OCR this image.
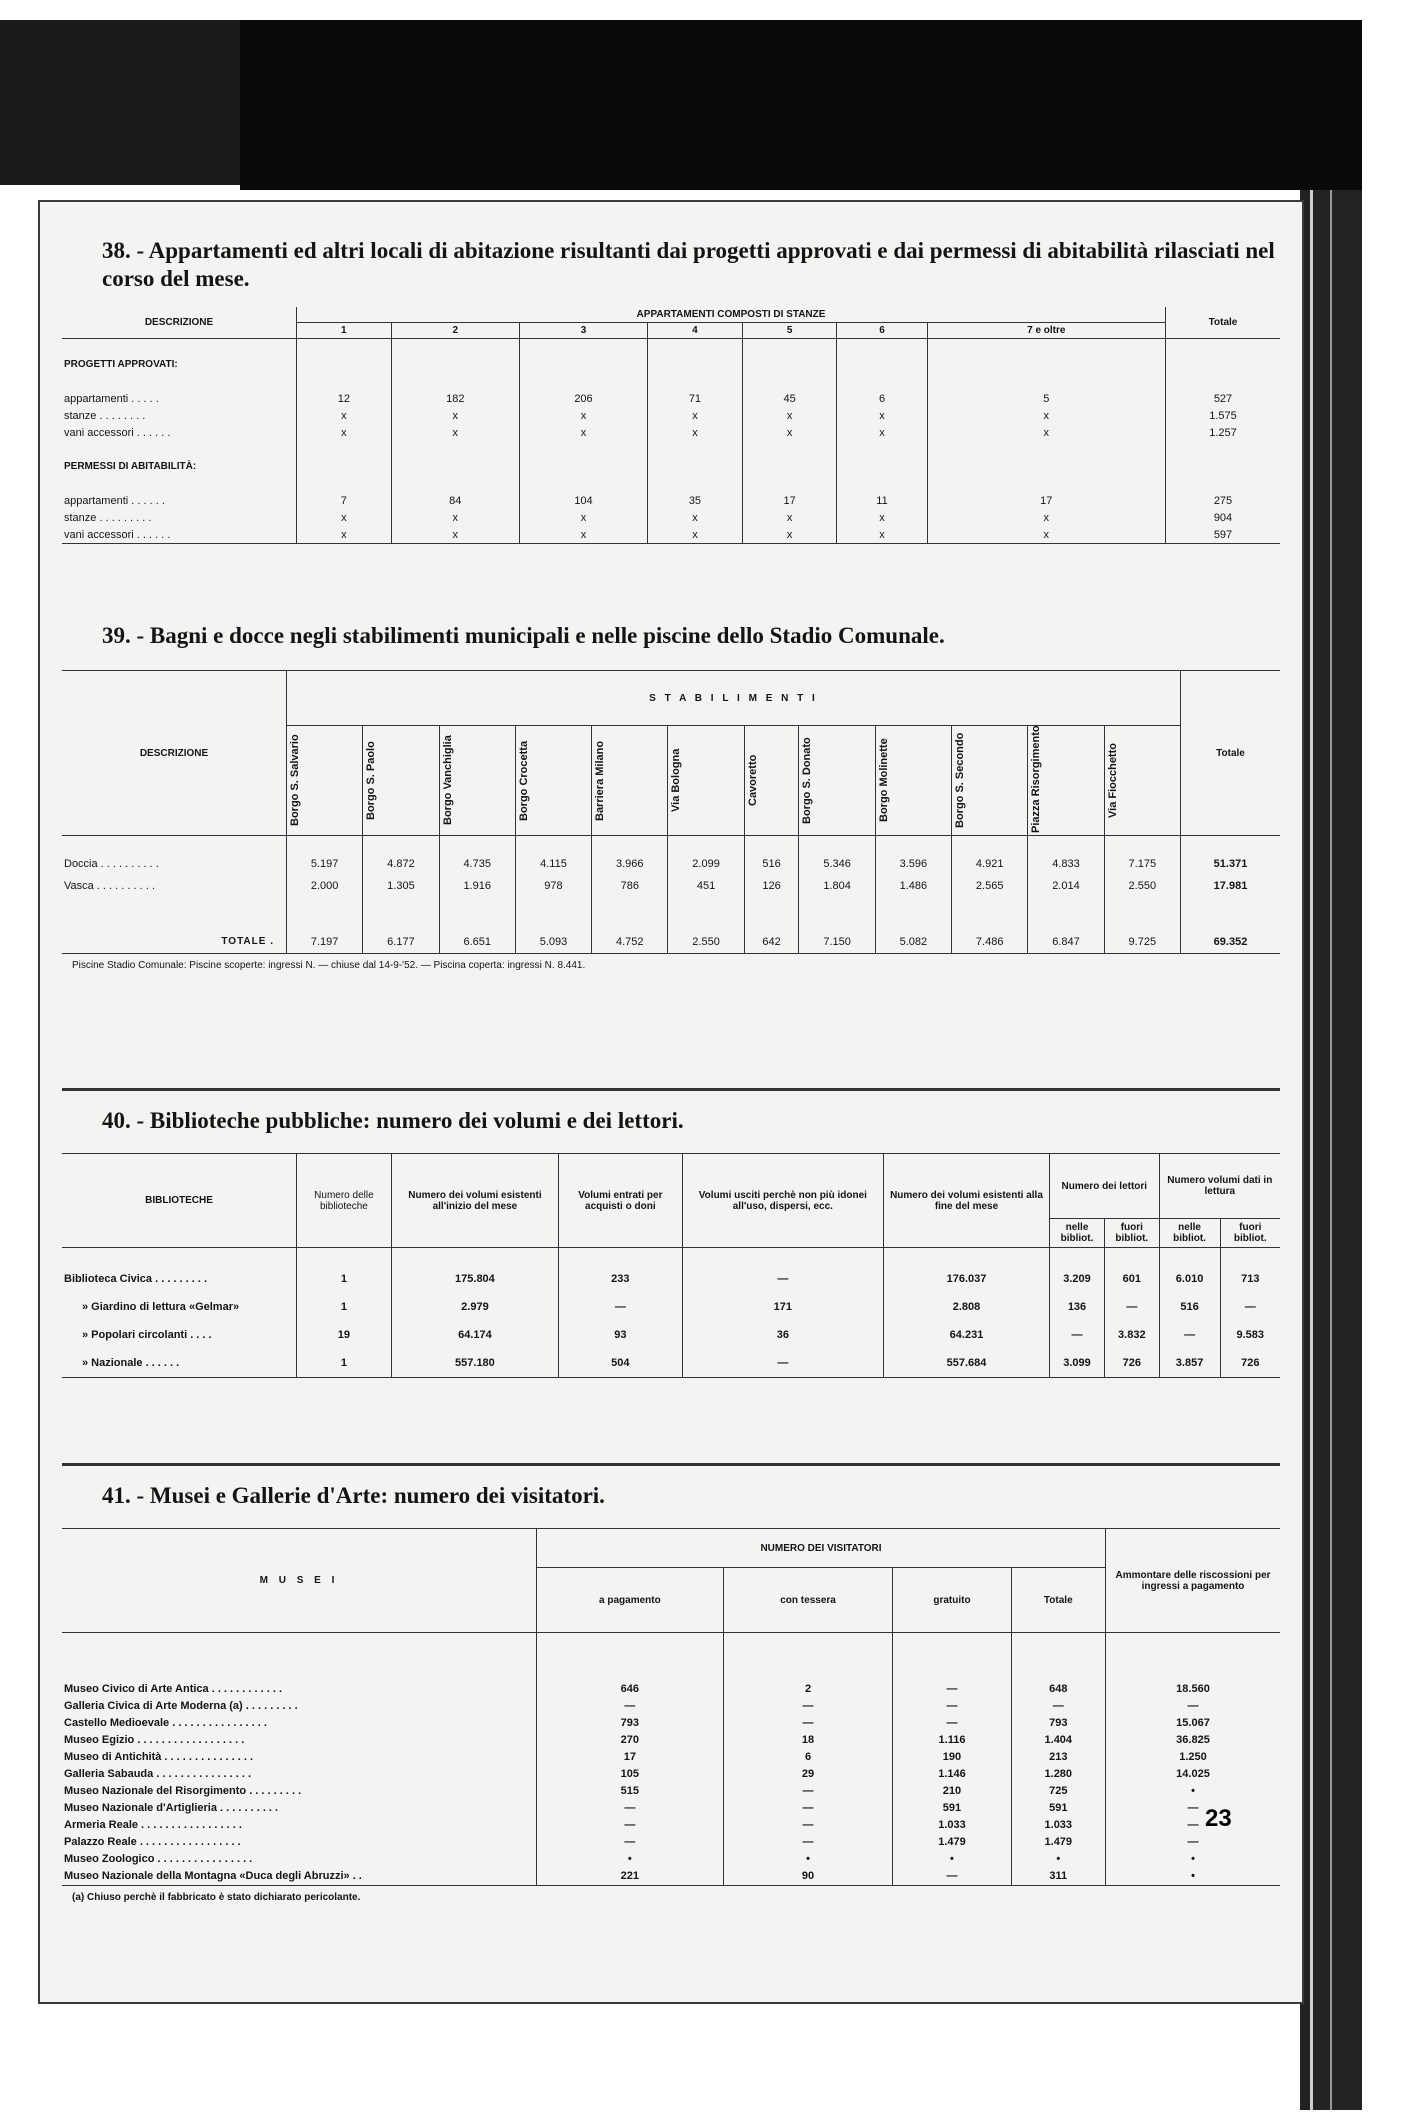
38. - Appartamenti ed altri locali di abitazione risultanti dai progetti approvati e dai permessi di abitabilità rilasciati nel corso del mese.
DESCRIZIONE	APPARTAMENTI COMPOSTI DI STANZE							Totale
	1	2	3	4	5	6	7 e oltre	

PROGETTI APPROVATI:								

appartamenti . . . . .	12	182	206	71	45	6	5	527
stanze . . . . . . . .	x	x	x	x	x	x	x	1.575
vani accessori . . . . . .	x	x	x	x	x	x	x	1.257

PERMESSI DI ABITABILITÀ:								

appartamenti . . . . . .	7	84	104	35	17	11	17	275
stanze . . . . . . . . .	x	x	x	x	x	x	x	904
vani accessori . . . . . .	x	x	x	x	x	x	x	597
39. - Bagni e docce negli stabilimenti municipali e nelle piscine dello Stadio Comunale.
DESCRIZIONE	S T A B I L I M E N T I												Totale

	Borgo S. Salvario	Borgo S. Paolo	Borgo Vanchiglia	Borgo Crocetta	Barriera Milano	Via Bologna	Cavoretto	Borgo S. Donato	Borgo Molinette	Borgo S. Secondo	Piazza Risorgimento	Via Fiocchetto	

Doccia . . . . . . . . . .	5.197	4.872	4.735	4.115	3.966	2.099	516	5.346	3.596	4.921	4.833	7.175	51.371
Vasca . . . . . . . . . .	2.000	1.305	1.916	978	786	451	126	1.804	1.486	2.565	2.014	2.550	17.981

TOTALE .	7.197	6.177	6.651	5.093	4.752	2.550	642	7.150	5.082	7.486	6.847	9.725	69.352
Piscine Stadio Comunale: Piscine scoperte: ingressi N. — chiuse dal 14-9-'52. — Piscina coperta: ingressi N. 8.441.
40. - Biblioteche pubbliche: numero dei volumi e dei lettori.
BIBLIOTECHE	Numero delle biblioteche	Numero dei volumi esistenti all'inizio del mese	Volumi entrati per acquisti o doni	Volumi usciti perchè non più idonei all'uso, dispersi, ecc.	Numero dei volumi esistenti alla fine del mese	Numero dei lettori		Numero volumi dati in lettura	
						nelle bibliot.	fuori bibliot.	nelle bibliot.	fuori bibliot.

Biblioteca Civica . . . . . . . . .	1	175.804	233	—	176.037	3.209	601	6.010	713
» Giardino di lettura «Gelmar»	1	2.979	—	171	2.808	136	—	516	—
» Popolari circolanti . . . .	19	64.174	93	36	64.231	—	3.832	—	9.583
» Nazionale . . . . . .	1	557.180	504	—	557.684	3.099	726	3.857	726
41. - Musei e Gallerie d'Arte: numero dei visitatori.
M U S E I	NUMERO DEI VISITATORI				Ammontare delle riscossioni per ingressi a pagamento
	a pagamento	con tessera	gratuito	Totale	

Museo Civico di Arte Antica . . . . . . . . . . . .	646	2	—	648	18.560
Galleria Civica di Arte Moderna (a) . . . . . . . . .	—	—	—	—	—
Castello Medioevale . . . . . . . . . . . . . . . .	793	—	—	793	15.067
Museo Egizio . . . . . . . . . . . . . . . . . .	270	18	1.116	1.404	36.825
Museo di Antichità . . . . . . . . . . . . . . .	17	6	190	213	1.250
Galleria Sabauda . . . . . . . . . . . . . . . .	105	29	1.146	1.280	14.025
Museo Nazionale del Risorgimento . . . . . . . . .	515	—	210	725	•
Museo Nazionale d'Artiglieria . . . . . . . . . .	—	—	591	591	—
Armeria Reale . . . . . . . . . . . . . . . . .	—	—	1.033	1.033	—
Palazzo Reale . . . . . . . . . . . . . . . . .	—	—	1.479	1.479	—
Museo Zoologico . . . . . . . . . . . . . . . .	•	•	•	•	•
Museo Nazionale della Montagna «Duca degli Abruzzi» . .	221	90	—	311	•
(a) Chiuso perchè il fabbricato è stato dichiarato pericolante.
23
